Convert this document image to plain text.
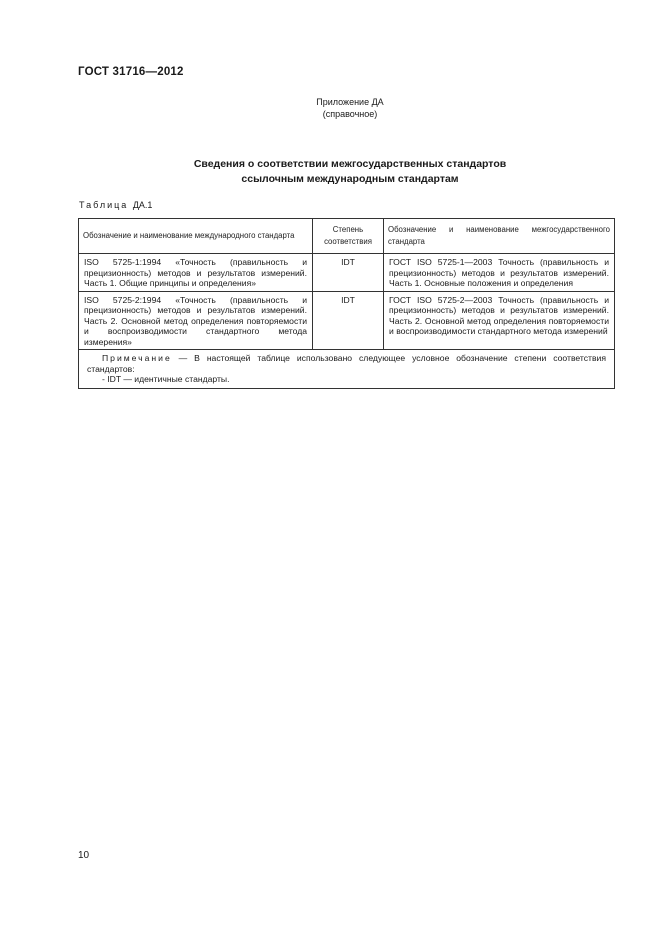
ГОСТ 31716—2012
Приложение ДА
(справочное)
Сведения о соответствии межгосударственных стандартов
ссылочным международным стандартам
Таблица ДА.1
Обозначение и наименование международного стандарта	Степень соответствия	Обозначение и наименование межгосударственного стандарта
ISO 5725-1:1994 «Точность (правильность и прецизионность) методов и результатов измерений. Часть 1. Общие принципы и определения»	IDT	ГОСТ ISO 5725-1—2003 Точность (правильность и прецизионность) методов и результатов измерений. Часть 1. Основные положения и определения
ISO 5725-2:1994 «Точность (правильность и прецизионность) методов и результатов измерений. Часть 2. Основной метод определения повторяемости и воспроизводимости стандартного метода измерения»	IDT	ГОСТ ISO 5725-2—2003 Точность (правильность и прецизионность) методов и результатов измерений. Часть 2. Основной метод определения повторяемости и воспроизводимости стандартного метода измерений

Примечание — В настоящей таблице использовано следующее условное обозначение степени соответствия стандартов:
- IDT — идентичные стандарты.		
10
